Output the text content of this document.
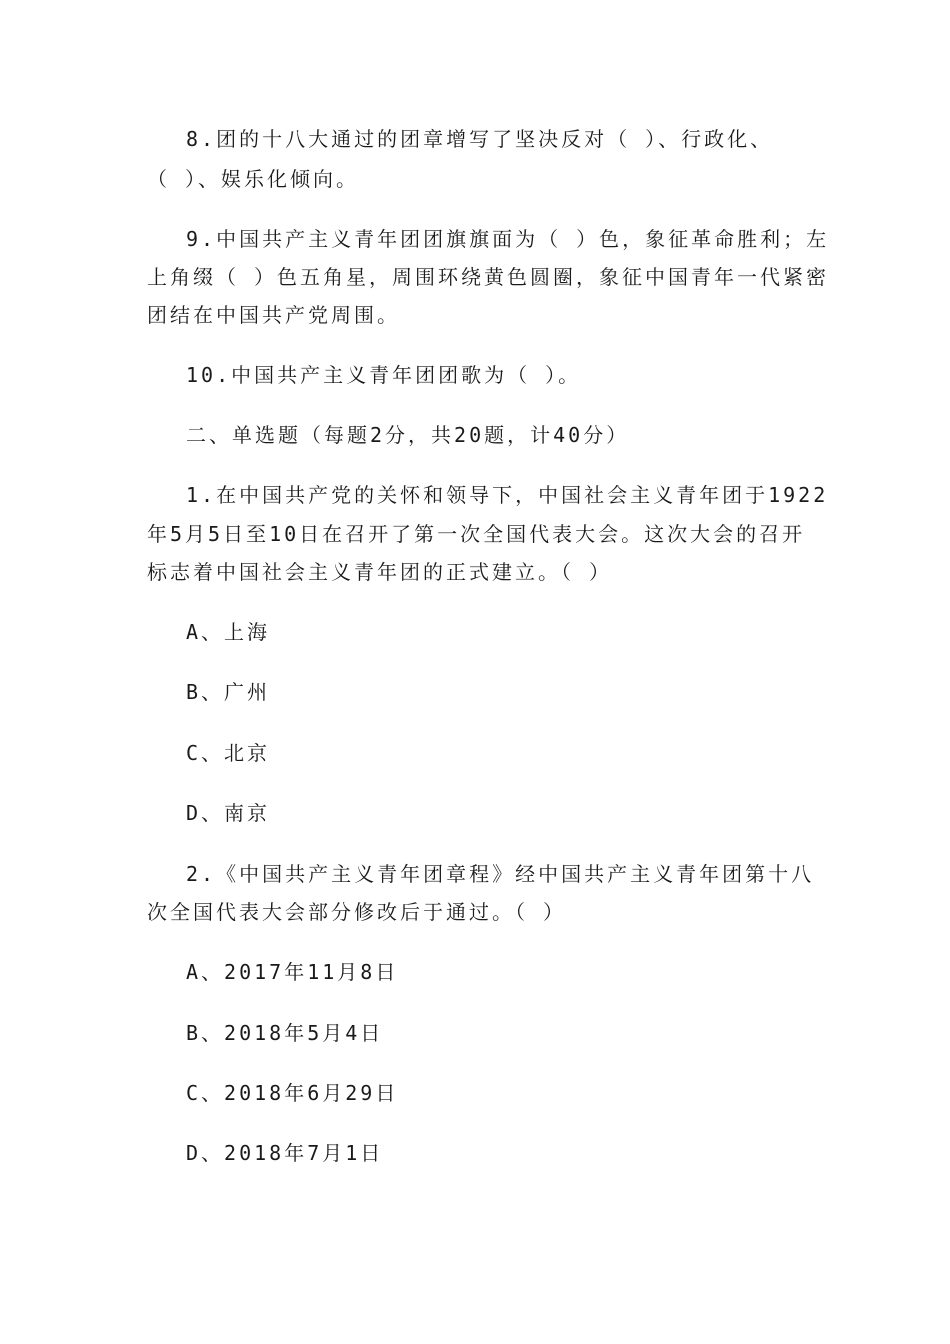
8.团的十八大通过的团章增写了坚决反对（ ）、行政化、
（ ）、娱乐化倾向。
9.中国共产主义青年团团旗旗面为（ ）色，象征革命胜利；左
上角缀（ ）色五角星，周围环绕黄色圆圈，象征中国青年一代紧密
团结在中国共产党周围。
10.中国共产主义青年团团歌为（ ）。
二、单选题（每题2分，共20题，计40分）
1.在中国共产党的关怀和领导下，中国社会主义青年团于1922
年5月5日至10日在召开了第一次全国代表大会。这次大会的召开
标志着中国社会主义青年团的正式建立。（ ）
A、上海
B、广州
C、北京
D、南京
2.《中国共产主义青年团章程》经中国共产主义青年团第十八
次全国代表大会部分修改后于通过。（ ）
A、2017年11月8日
B、2018年5月4日
C、2018年6月29日
D、2018年7月1日
